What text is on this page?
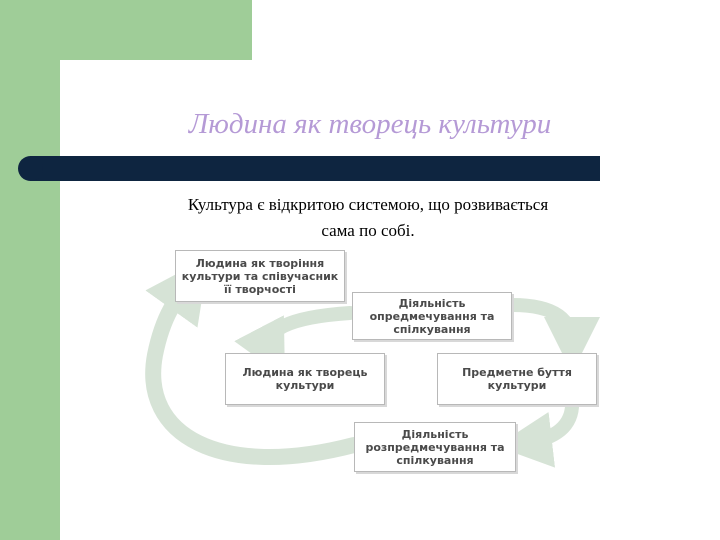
Людина як творець культури
Культура є відкритою системою, що розвивається
сама по собі.
Людина як творіння культури та співучасник її творчості
Діяльність опредмечування та спілкування
Людина як творець культури
Предметне буття культури
Діяльність розпредмечування та спілкування
